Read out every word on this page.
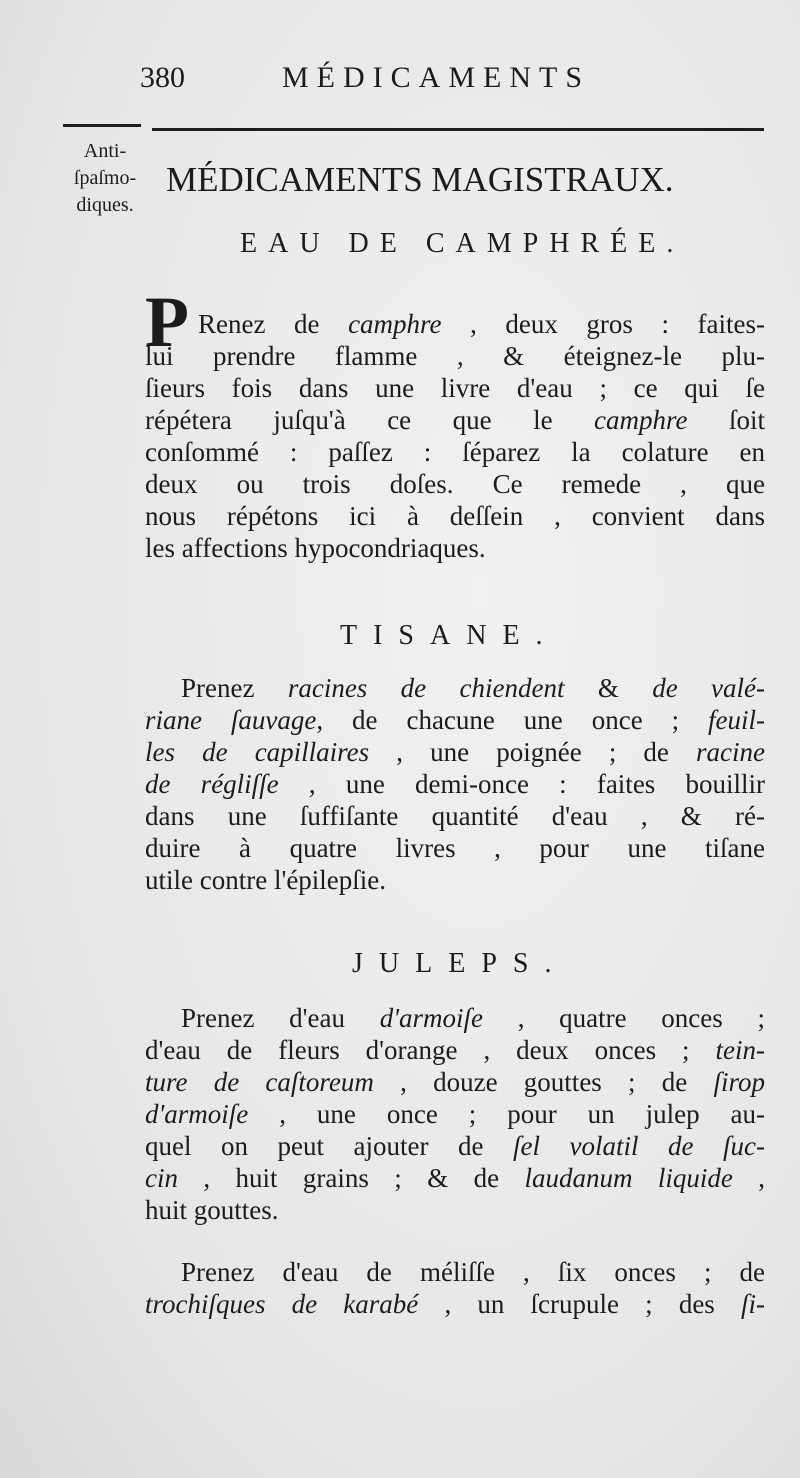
380	MÉDICAMENTS
Anti-
ſpaſmo-
diques.
MÉDICAMENTS MAGISTRAUX.
EAU DE CAMPHRÉE.
P Renez de camphre , deux gros : faites-
lui prendre flamme , & éteignez-le plu-
ſieurs fois dans une livre d'eau ; ce qui ſe
répétera juſqu'à ce que le camphre ſoit
conſommé : paſſez : ſéparez la colature en
deux ou trois doſes. Ce remede , que
nous répétons ici à deſſein , convient dans
les affections hypocondriaques.
TISANE.
Prenez racines de chiendent & de valé-
riane ſauvage, de chacune une once ; feuil-
les de capillaires , une poignée ; de racine
de régliſſe , une demi-once : faites bouillir
dans une ſuffiſante quantité d'eau , & ré-
duire à quatre livres , pour une tiſane
utile contre l'épilepſie.
JULEPS.
Prenez d'eau d'armoiſe , quatre onces ;
d'eau de fleurs d'orange , deux onces ; tein-
ture de caſtoreum , douze gouttes ; de ſirop
d'armoiſe , une once ; pour un julep au-
quel on peut ajouter de ſel volatil de ſuc-
cin , huit grains ; & de laudanum liquide ,
huit gouttes.
Prenez d'eau de méliſſe , ſix onces ; de
trochiſques de karabé , un ſcrupule ; des ſi-
